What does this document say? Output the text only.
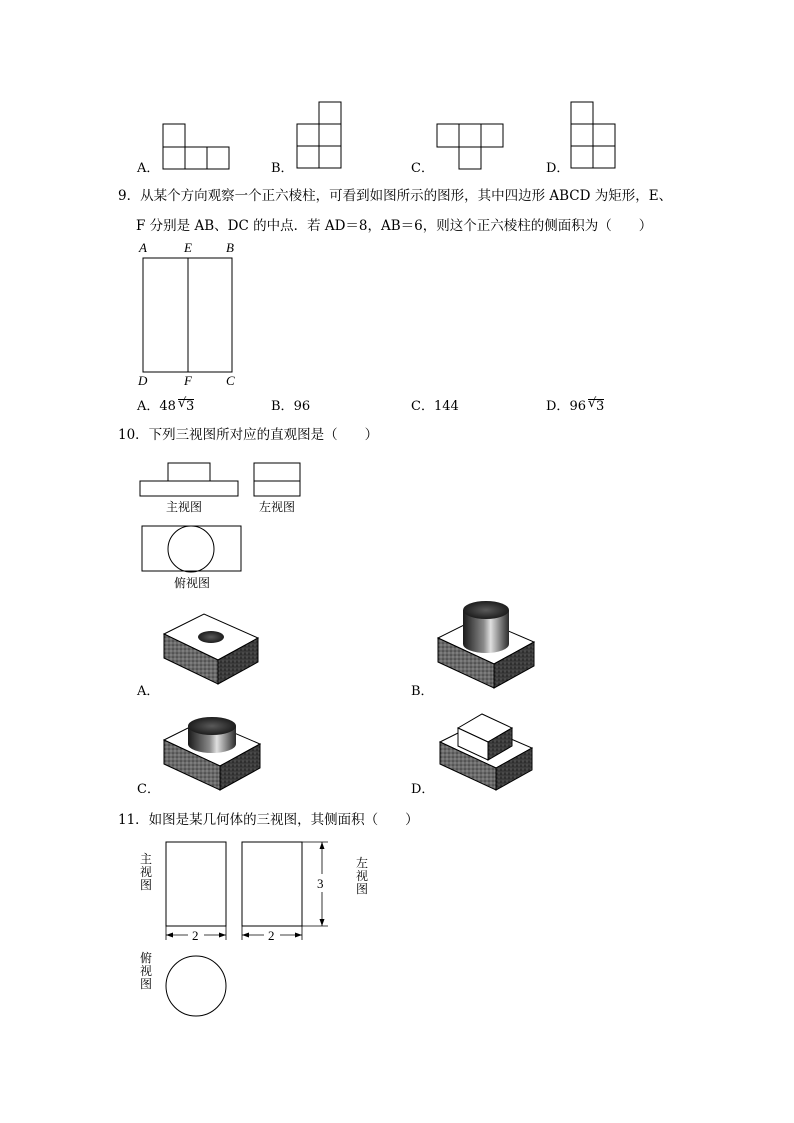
A．	B．	C．	D．
9．从某个方向观察一个正六棱柱，可看到如图所示的图形，其中四边形 ABCD 为矩形，E、
F 分别是 AB、DC 的中点．若 AD＝8，AB＝6，则这个正六棱柱的侧面积为（　　）
A	E	B
D	F	C
A．48 √ 3	B．96	C．144	D．96 √ 3
10．下列三视图所对应的直观图是（　　）
主视图	左视图
俯视图
A．	B．
C．	D．
11．如图是某几何体的三视图，其侧面积（　　）
主视图
左视图
俯视图
2	2
3
